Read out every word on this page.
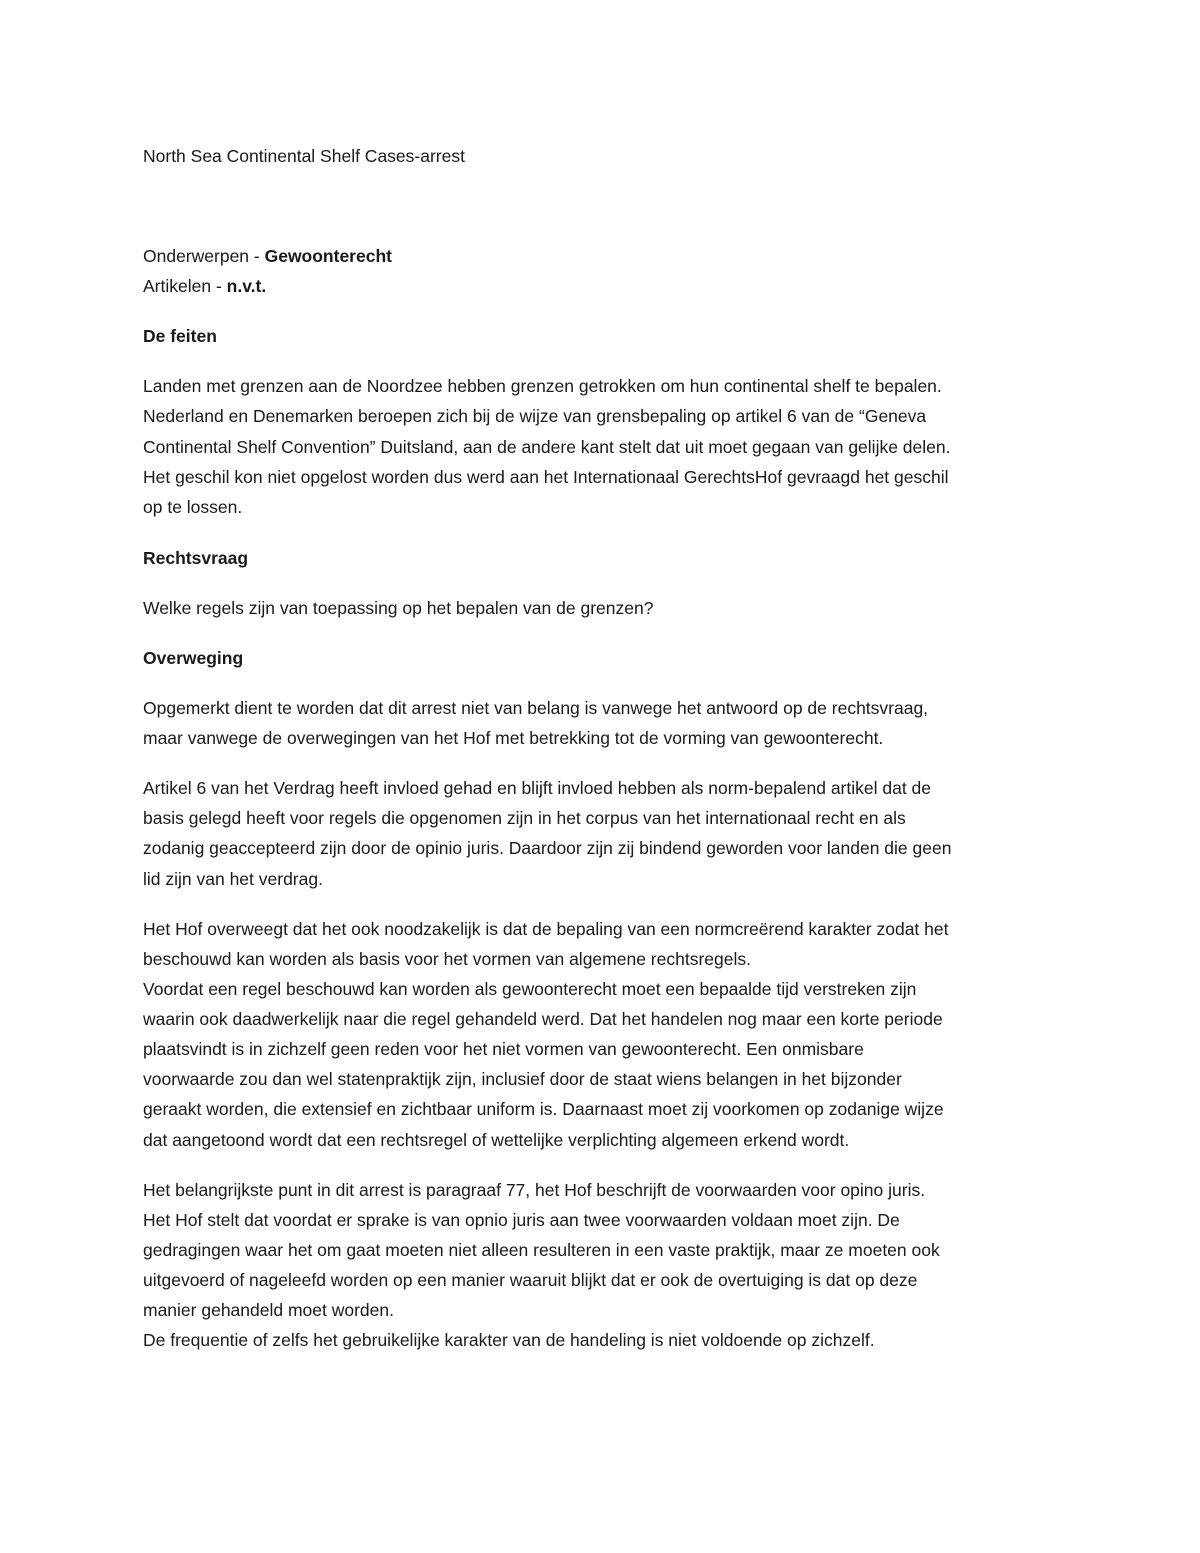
North Sea Continental Shelf Cases-arrest
Onderwerpen - Gewoonterecht
Artikelen - n.v.t.
De feiten
Landen met grenzen aan de Noordzee hebben grenzen getrokken om hun continental shelf te bepalen.
Nederland en Denemarken beroepen zich bij de wijze van grensbepaling op artikel 6 van de “Geneva
Continental Shelf Convention” Duitsland, aan de andere kant stelt dat uit moet gegaan van gelijke delen.
Het geschil kon niet opgelost worden dus werd aan het Internationaal GerechtsHof gevraagd het geschil
op te lossen.
Rechtsvraag
Welke regels zijn van toepassing op het bepalen van de grenzen?
Overweging
Opgemerkt dient te worden dat dit arrest niet van belang is vanwege het antwoord op de rechtsvraag,
maar vanwege de overwegingen van het Hof met betrekking tot de vorming van gewoonterecht.
Artikel 6 van het Verdrag heeft invloed gehad en blijft invloed hebben als norm-bepalend artikel dat de
basis gelegd heeft voor regels die opgenomen zijn in het corpus van het internationaal recht en als
zodanig geaccepteerd zijn door de opinio juris. Daardoor zijn zij bindend geworden voor landen die geen
lid zijn van het verdrag.
Het Hof overweegt dat het ook noodzakelijk is dat de bepaling van een normcreërend karakter zodat het
beschouwd kan worden als basis voor het vormen van algemene rechtsregels.
Voordat een regel beschouwd kan worden als gewoonterecht moet een bepaalde tijd verstreken zijn
waarin ook daadwerkelijk naar die regel gehandeld werd. Dat het handelen nog maar een korte periode
plaatsvindt is in zichzelf geen reden voor het niet vormen van gewoonterecht. Een onmisbare
voorwaarde zou dan wel statenpraktijk zijn, inclusief door de staat wiens belangen in het bijzonder
geraakt worden, die extensief en zichtbaar uniform is. Daarnaast moet zij voorkomen op zodanige wijze
dat aangetoond wordt dat een rechtsregel of wettelijke verplichting algemeen erkend wordt.
Het belangrijkste punt in dit arrest is paragraaf 77, het Hof beschrijft de voorwaarden voor opino juris.
Het Hof stelt dat voordat er sprake is van opnio juris aan twee voorwaarden voldaan moet zijn. De
gedragingen waar het om gaat moeten niet alleen resulteren in een vaste praktijk, maar ze moeten ook
uitgevoerd of nageleefd worden op een manier waaruit blijkt dat er ook de overtuiging is dat op deze
manier gehandeld moet worden.
De frequentie of zelfs het gebruikelijke karakter van de handeling is niet voldoende op zichzelf.
